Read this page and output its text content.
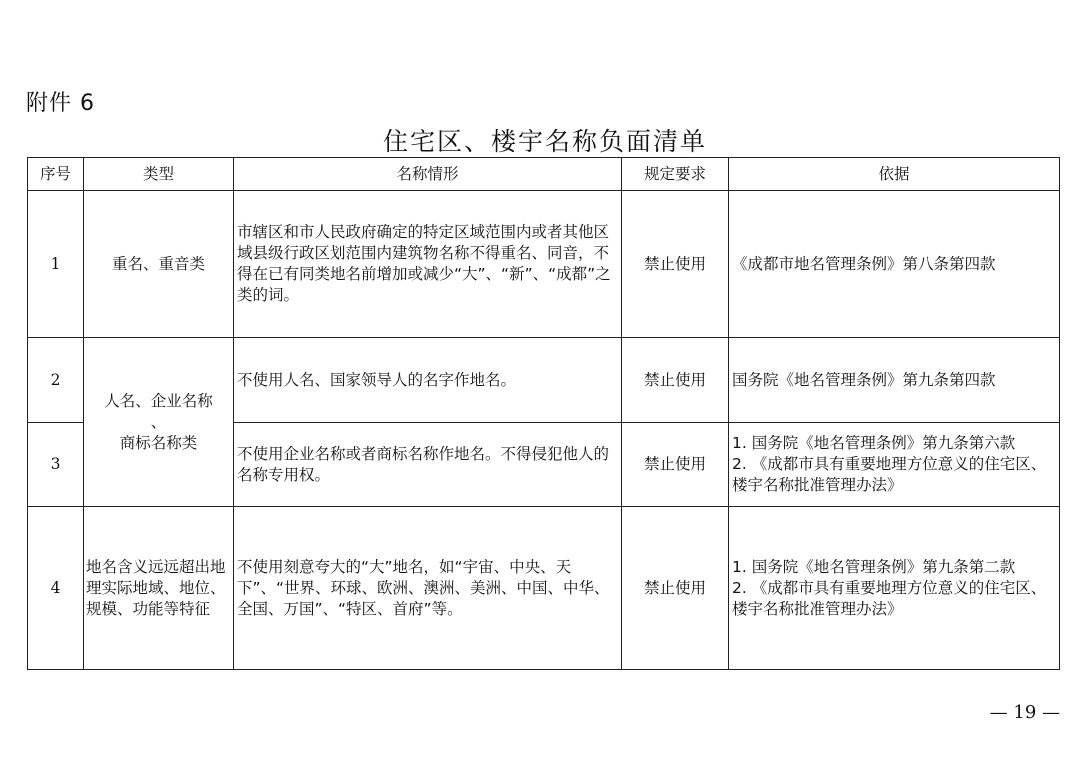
附件 6
住宅区、楼宇名称负面清单
序号	类型	名称情形	规定要求	依据
1	重名、重音类	市辖区和市人民政府确定的特定区域范围内或者其他区域县级行政区划范围内建筑物名称不得重名、同音，不得在已有同类地名前增加或减少“大”、“新”、“成都”之类的词。	禁止使用	《成都市地名管理条例》第八条第四款

2	人名、企业名称
、
商标名称类	不使用人名、国家领导人的名字作地名。	禁止使用	国务院《地名管理条例》第九条第四款

3		不使用企业名称或者商标名称作地名。不得侵犯他人的名称专用权。	禁止使用	1. 国务院《地名管理条例》第九条第六款
2. 《成都市具有重要地理方位意义的住宅区、楼宇名称批准管理办法》

4	地名含义远远超出地理实际地域、地位、规模、功能等特征	不使用刻意夸大的“大”地名，如“宇宙、中央、天下”、“世界、环球、欧洲、澳洲、美洲、中国、中华、全国、万国”、“特区、首府”等。	禁止使用	1. 国务院《地名管理条例》第九条第二款
2. 《成都市具有重要地理方位意义的住宅区、楼宇名称批准管理办法》
— 19 —
